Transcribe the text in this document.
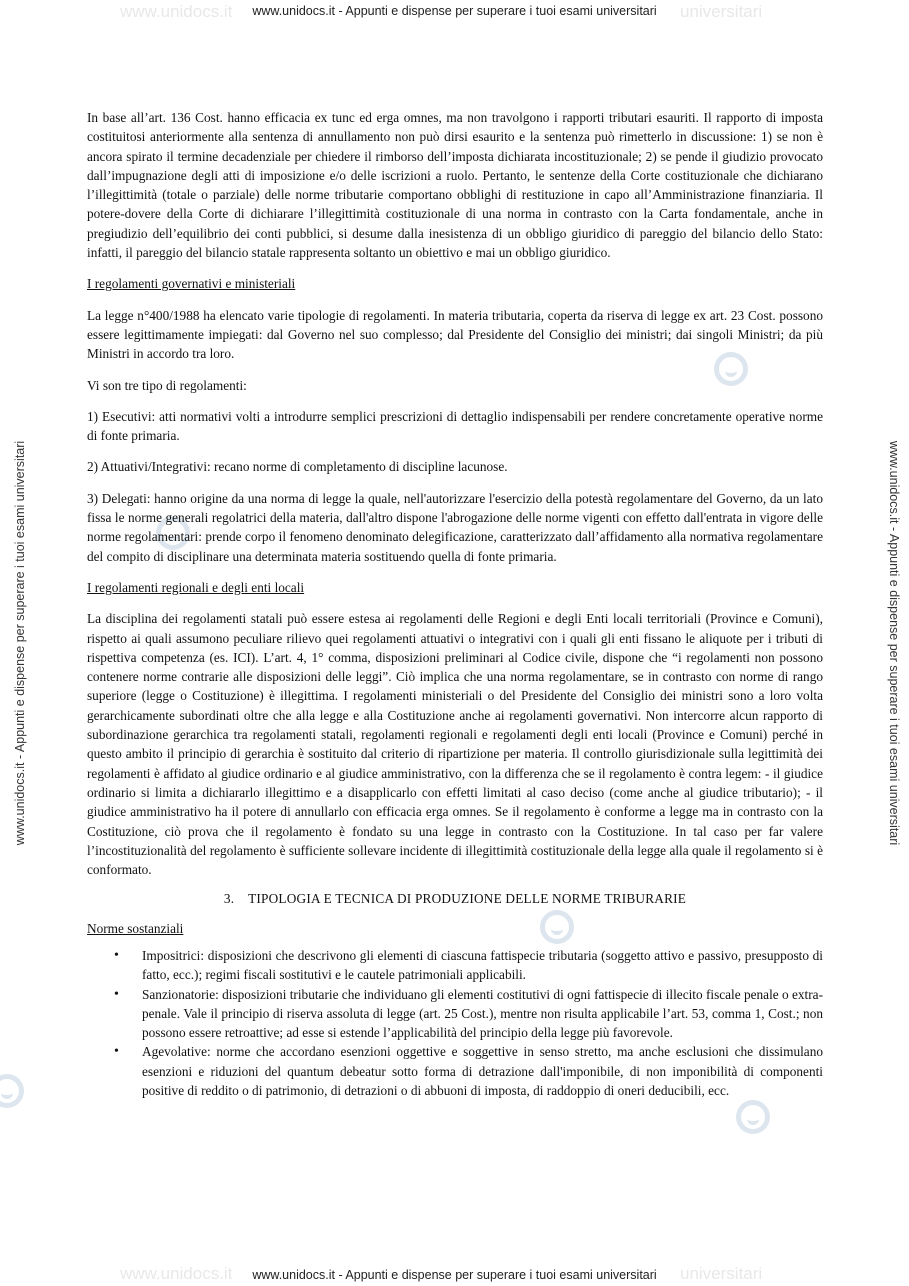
www.unidocs.it	universitari
www.unidocs.it	universitari
www.unidocs.it - Appunti e dispense per superare i tuoi esami universitari
www.unidocs.it - Appunti e dispense per superare i tuoi esami universitari
www.unidocs.it - Appunti e dispense per superare i tuoi esami universitari	www.unidocs.it - Appunti e dispense per superare i tuoi esami universitari

In base all’art. 136 Cost. hanno efficacia ex tunc ed erga omnes, ma non travolgono i rapporti tributari esauriti. Il rapporto di imposta costituitosi anteriormente alla sentenza di annullamento non può dirsi esaurito e la sentenza può rimetterlo in discussione: 1) se non è ancora spirato il termine decadenziale per chiedere il rimborso dell’imposta dichiarata incostituzionale; 2) se pende il giudizio provocato dall’impugnazione degli atti di imposizione e/o delle iscrizioni a ruolo. Pertanto, le sentenze della Corte costituzionale che dichiarano l’illegittimità (totale o parziale) delle norme tributarie comportano obblighi di restituzione in capo all’Amministrazione finanziaria. Il potere-dovere della Corte di dichiarare l’illegittimità costituzionale di una norma in contrasto con la Carta fondamentale, anche in pregiudizio dell’equilibrio dei conti pubblici, si desume dalla inesistenza di un obbligo giuridico di pareggio del bilancio dello Stato: infatti, il pareggio del bilancio statale rappresenta soltanto un obiettivo e mai un obbligo giuridico.

I regolamenti governativi e ministeriali

La legge n°400/1988 ha elencato varie tipologie di regolamenti. In materia tributaria, coperta da riserva di legge ex art. 23 Cost. possono essere legittimamente impiegati: dal Governo nel suo complesso; dal Presidente del Consiglio dei ministri; dai singoli Ministri; da più Ministri in accordo tra loro.

Vi son tre tipo di regolamenti:

1) Esecutivi: atti normativi volti a introdurre semplici prescrizioni di dettaglio indispensabili per rendere concretamente operative norme di fonte primaria.

2) Attuativi/Integrativi: recano norme di completamento di discipline lacunose.

3) Delegati: hanno origine da una norma di legge la quale, nell'autorizzare l'esercizio della potestà regolamentare del Governo, da un lato fissa le norme generali regolatrici della materia, dall'altro dispone l'abrogazione delle norme vigenti con effetto dall'entrata in vigore delle norme regolamentari: prende corpo il fenomeno denominato delegificazione, caratterizzato dall’affidamento alla normativa regolamentare del compito di disciplinare una determinata materia sostituendo quella di fonte primaria.

I regolamenti regionali e degli enti locali

La disciplina dei regolamenti statali può essere estesa ai regolamenti delle Regioni e degli Enti locali territoriali (Province e Comuni), rispetto ai quali assumono peculiare rilievo quei regolamenti attuativi o integrativi con i quali gli enti fissano le aliquote per i tributi di rispettiva competenza (es. ICI). L’art. 4, 1° comma, disposizioni preliminari al Codice civile, dispone che “i regolamenti non possono contenere norme contrarie alle disposizioni delle leggi”. Ciò implica che una norma regolamentare, se in contrasto con norme di rango superiore (legge o Costituzione) è illegittima. I regolamenti ministeriali o del Presidente del Consiglio dei ministri sono a loro volta gerarchicamente subordinati oltre che alla legge e alla Costituzione anche ai regolamenti governativi. Non intercorre alcun rapporto di subordinazione gerarchica tra regolamenti statali, regolamenti regionali e regolamenti degli enti locali (Province e Comuni) perché in questo ambito il principio di gerarchia è sostituito dal criterio di ripartizione per materia. Il controllo giurisdizionale sulla legittimità dei regolamenti è affidato al giudice ordinario e al giudice amministrativo, con la differenza che se il regolamento è contra legem: - il giudice ordinario si limita a dichiararlo illegittimo e a disapplicarlo con effetti limitati al caso deciso (come anche al giudice tributario); - il giudice amministrativo ha il potere di annullarlo con efficacia erga omnes. Se il regolamento è conforme a legge ma in contrasto con la Costituzione, ciò prova che il regolamento è fondato su una legge in contrasto con la Costituzione. In tal caso per far valere l’incostituzionalità del regolamento è sufficiente sollevare incidente di illegittimità costituzionale della legge alla quale il regolamento si è conformato.

3.    TIPOLOGIA E TECNICA DI PRODUZIONE DELLE NORME TRIBURARIE

Norme sostanziali

• Impositrici: disposizioni che descrivono gli elementi di ciascuna fattispecie tributaria (soggetto attivo e passivo, presupposto di fatto, ecc.); regimi fiscali sostitutivi e le cautele patrimoniali applicabili.
• Sanzionatorie: disposizioni tributarie che individuano gli elementi costitutivi di ogni fattispecie di illecito fiscale penale o extra-penale. Vale il principio di riserva assoluta di legge (art. 25 Cost.), mentre non risulta applicabile l’art. 53, comma 1, Cost.; non possono essere retroattive; ad esse si estende l’applicabilità del principio della legge più favorevole.
• Agevolative: norme che accordano esenzioni oggettive e soggettive in senso stretto, ma anche esclusioni che dissimulano esenzioni e riduzioni del quantum debeatur sotto forma di detrazione dall'imponibile, di non imponibilità di componenti positive di reddito o di patrimonio, di detrazioni o di abbuoni di imposta, di raddoppio di oneri deducibili, ecc.
